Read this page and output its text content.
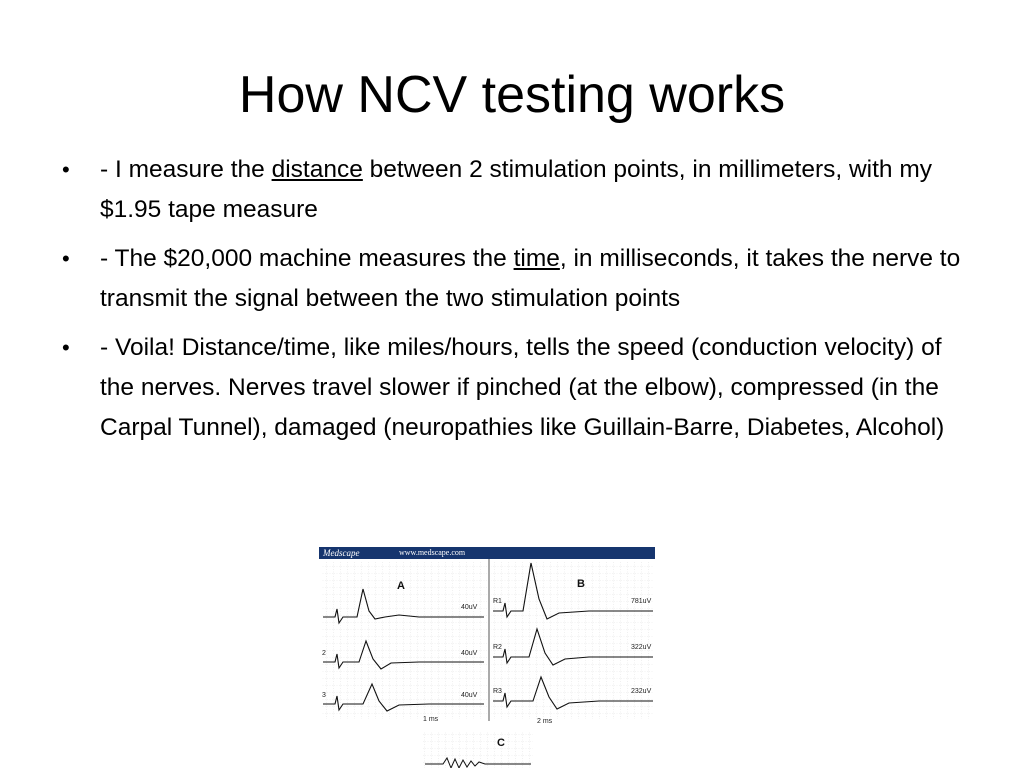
How NCV testing works
• - I measure the distance between 2 stimulation points, in millimeters, with my $1.95 tape measure
• - The $20,000 machine measures the time, in milliseconds, it takes the nerve to transmit the signal between the two stimulation points
• - Voila! Distance/time, like miles/hours, tells the speed (conduction velocity) of the nerves. Nerves travel slower if pinched (at the elbow), compressed (in the Carpal Tunnel), damaged (neuropathies like Guillain-Barre, Diabetes, Alcohol)
Medscape	www.medscape.com
A	B
2
3
40uV
40uV
40uV
R1
R2
R3
781uV
322uV
232uV
1 ms	2 ms
C
